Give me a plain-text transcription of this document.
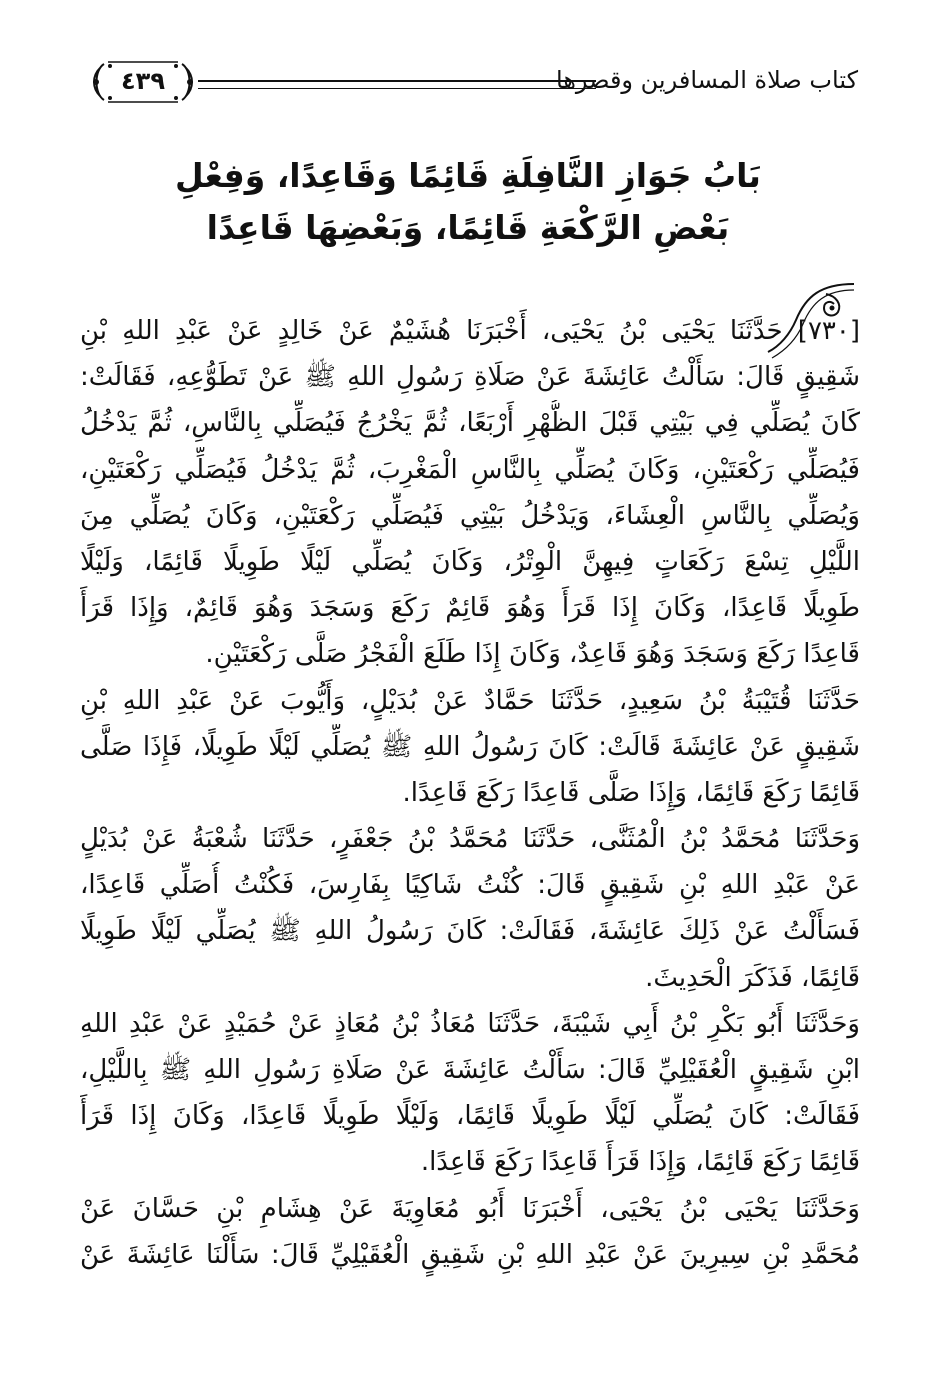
كتاب صلاة المسافرين وقصرها
٤٣٩
بَابُ جَوَازِ النَّافِلَةِ قَائِمًا وَقَاعِدًا، وَفِعْلِ
بَعْضِ الرَّكْعَةِ قَائِمًا، وَبَعْضِهَا قَاعِدًا
[٧٣٠] حَدَّثَنَا يَحْيَى بْنُ يَحْيَى، أَخْبَرَنَا هُشَيْمٌ عَنْ خَالِدٍ عَنْ عَبْدِ اللهِ بْنِ
شَقِيقٍ قَالَ: سَأَلْتُ عَائِشَةَ عَنْ صَلَاةِ رَسُولِ اللهِ ﷺ عَنْ تَطَوُّعِهِ، فَقَالَتْ:
كَانَ يُصَلِّي فِي بَيْتِي قَبْلَ الظُّهْرِ أَرْبَعًا، ثُمَّ يَخْرُجُ فَيُصَلِّي بِالنَّاسِ، ثُمَّ يَدْخُلُ
فَيُصَلِّي رَكْعَتَيْنِ، وَكَانَ يُصَلِّي بِالنَّاسِ الْمَغْرِبَ، ثُمَّ يَدْخُلُ فَيُصَلِّي رَكْعَتَيْنِ،
وَيُصَلِّي بِالنَّاسِ الْعِشَاءَ، وَيَدْخُلُ بَيْتِي فَيُصَلِّي رَكْعَتَيْنِ، وَكَانَ يُصَلِّي مِنَ
اللَّيْلِ تِسْعَ رَكَعَاتٍ فِيهِنَّ الْوِتْرُ، وَكَانَ يُصَلِّي لَيْلًا طَوِيلًا قَائِمًا، وَلَيْلًا
طَوِيلًا قَاعِدًا، وَكَانَ إِذَا قَرَأَ وَهُوَ قَائِمٌ رَكَعَ وَسَجَدَ وَهُوَ قَائِمٌ، وَإِذَا قَرَأَ
قَاعِدًا رَكَعَ وَسَجَدَ وَهُوَ قَاعِدٌ، وَكَانَ إِذَا طَلَعَ الْفَجْرُ صَلَّى رَكْعَتَيْنِ.
حَدَّثَنَا قُتَيْبَةُ بْنُ سَعِيدٍ، حَدَّثَنَا حَمَّادٌ عَنْ بُدَيْلٍ، وَأَيُّوبَ عَنْ عَبْدِ اللهِ بْنِ
شَقِيقٍ عَنْ عَائِشَةَ قَالَتْ: كَانَ رَسُولُ اللهِ ﷺ يُصَلِّي لَيْلًا طَوِيلًا، فَإِذَا صَلَّى
قَائِمًا رَكَعَ قَائِمًا، وَإِذَا صَلَّى قَاعِدًا رَكَعَ قَاعِدًا.
وَحَدَّثَنَا مُحَمَّدُ بْنُ الْمُثَنَّى، حَدَّثَنَا مُحَمَّدُ بْنُ جَعْفَرٍ، حَدَّثَنَا شُعْبَةُ عَنْ بُدَيْلٍ
عَنْ عَبْدِ اللهِ بْنِ شَقِيقٍ قَالَ: كُنْتُ شَاكِيًا بِفَارِسَ، فَكُنْتُ أُصَلِّي قَاعِدًا،
فَسَأَلْتُ عَنْ ذَلِكَ عَائِشَةَ، فَقَالَتْ: كَانَ رَسُولُ اللهِ ﷺ يُصَلِّي لَيْلًا طَوِيلًا
قَائِمًا، فَذَكَرَ الْحَدِيثَ.
وَحَدَّثَنَا أَبُو بَكْرِ بْنُ أَبِي شَيْبَةَ، حَدَّثَنَا مُعَاذُ بْنُ مُعَاذٍ عَنْ حُمَيْدٍ عَنْ عَبْدِ اللهِ
ابْنِ شَقِيقٍ الْعُقَيْلِيِّ قَالَ: سَأَلْتُ عَائِشَةَ عَنْ صَلَاةِ رَسُولِ اللهِ ﷺ بِاللَّيْلِ،
فَقَالَتْ: كَانَ يُصَلِّي لَيْلًا طَوِيلًا قَائِمًا، وَلَيْلًا طَوِيلًا قَاعِدًا، وَكَانَ إِذَا قَرَأَ
قَائِمًا رَكَعَ قَائِمًا، وَإِذَا قَرَأَ قَاعِدًا رَكَعَ قَاعِدًا.
وَحَدَّثَنَا يَحْيَى بْنُ يَحْيَى، أَخْبَرَنَا أَبُو مُعَاوِيَةَ عَنْ هِشَامِ بْنِ حَسَّانَ عَنْ
مُحَمَّدِ بْنِ سِيرِينَ عَنْ عَبْدِ اللهِ بْنِ شَقِيقٍ الْعُقَيْلِيِّ قَالَ: سَأَلْنَا عَائِشَةَ عَنْ
